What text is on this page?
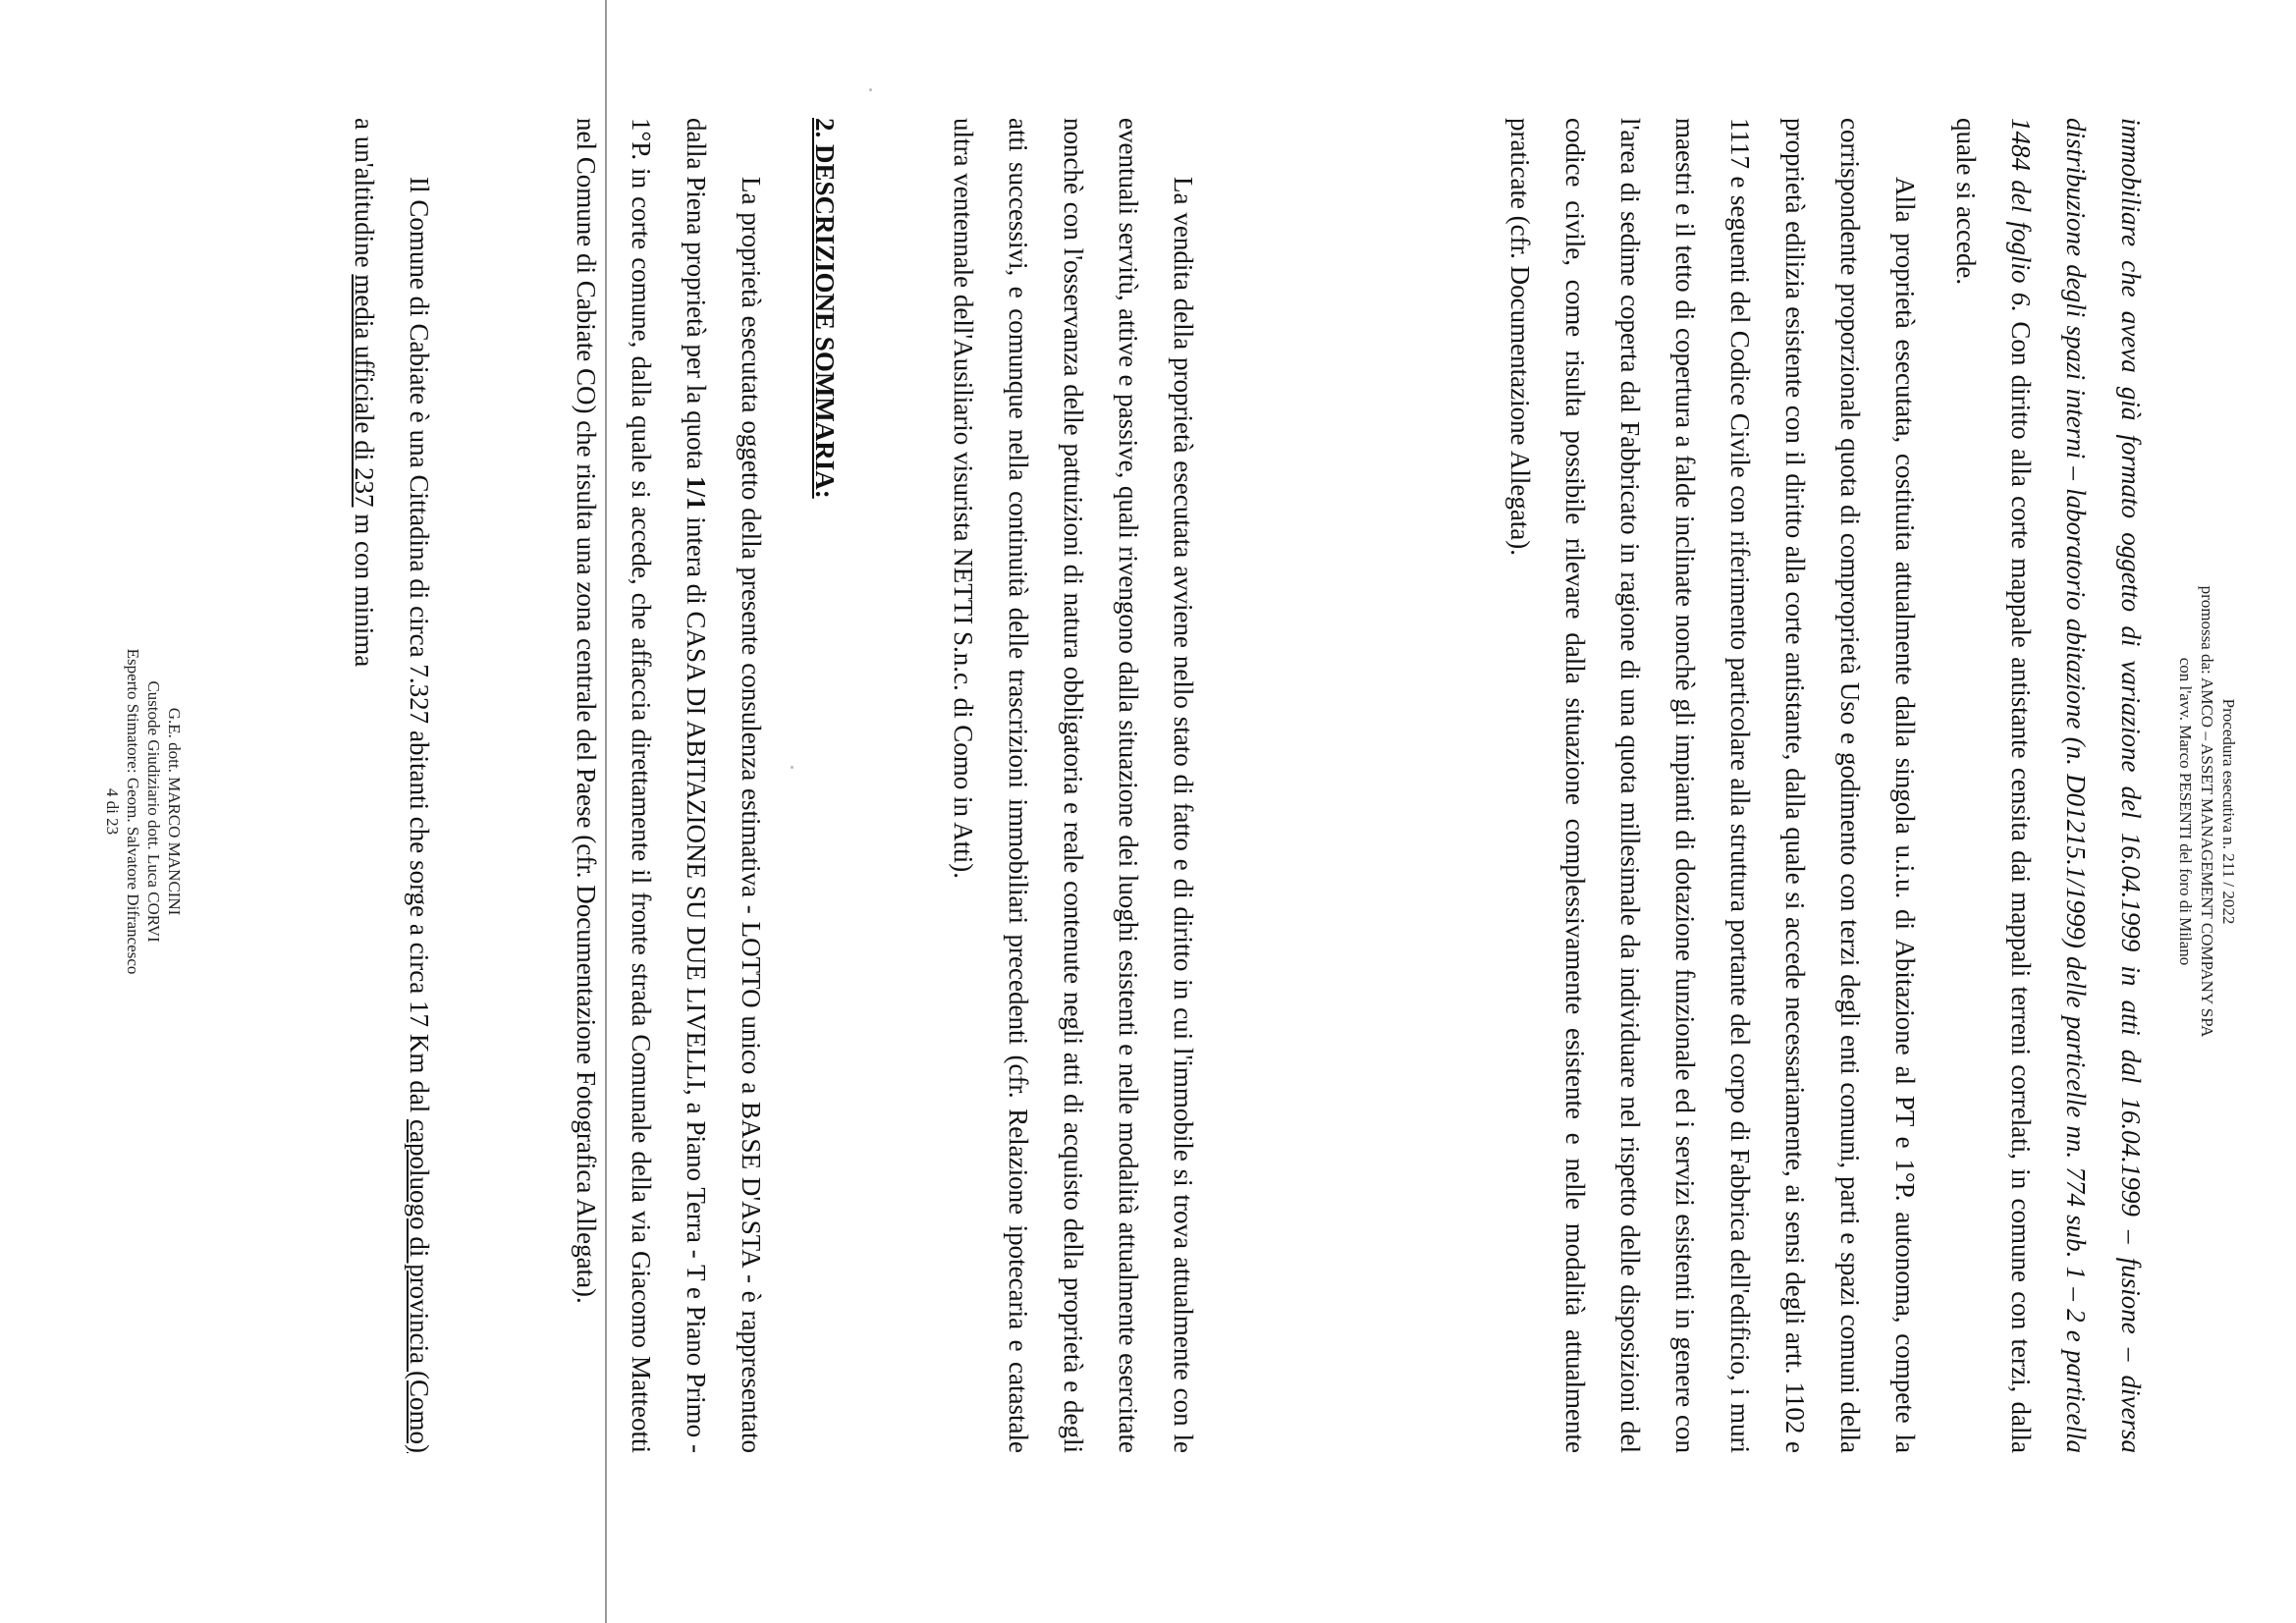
Procedura esecutiva n. 211 / 2022
promossa da: AMCO – ASSET MANAGEMENT COMPANY SPA
con l'avv. Marco PESENTI del foro di Milano
immobiliare che aveva già formato oggetto di variazione del 16.04.1999 in atti dal 16.04.1999 – fusione – diversa distribuzione degli spazi interni – laboratorio abitazione (n. D01215.1/1999) delle particelle nn. 774 sub. 1 – 2 e particella 1484 del foglio 6. Con diritto alla corte mappale antistante censita dai mappali terreni correlati, in comune con terzi, dalla quale si accede.
Alla proprietà esecutata, costituita attualmente dalla singola u.i.u. di Abitazione al PT e 1°P. autonoma, compete la corrispondente proporzionale quota di comproprietà Uso e godimento con terzi degli enti comuni, parti e spazi comuni della proprietà edilizia esistente con il diritto alla corte antistante, dalla quale si accede necessariamente, ai sensi degli artt. 1102 e 1117 e seguenti del Codice Civile con riferimento particolare alla struttura portante del corpo di Fabbrica dell'edificio, i muri maestri e il tetto di copertura a falde inclinate nonchè gli impianti di dotazione funzionale ed i servizi esistenti in genere con l'area di sedime coperta dal Fabbricato in ragione di una quota millesimale da individuare nel rispetto delle disposizioni del codice civile, come risulta possibile rilevare dalla situazione complessivamente esistente e nelle modalità attualmente praticate (cfr. Documentazione Allegata).
La vendita della proprietà esecutata avviene nello stato di fatto e di diritto in cui l'immobile si trova attualmente con le eventuali servitù, attive e passive, quali rivengono dalla situazione dei luoghi esistenti e nelle modalità attualmente esercitate nonchè con l'osservanza delle pattuizioni di natura obbligatoria e reale contenute negli atti di acquisto della proprietà e degli atti successivi, e comunque nella continuità delle trascrizioni immobiliari precedenti (cfr. Relazione ipotecaria e catastale ultra ventennale dell'Ausiliario visurista NETTI S.n.c. di Como in Atti).
2. DESCRIZIONE SOMMARIA:
La proprietà esecutata oggetto della presente consulenza estimativa - LOTTO unico a BASE D'ASTA - è rappresentato dalla Piena proprietà per la quota 1/1 intera di CASA DI ABITAZIONE SU DUE LIVELLI, a Piano Terra - T e Piano Primo - 1°P. in corte comune, dalla quale si accede, che affaccia direttamente il fronte strada Comunale della via Giacomo Matteotti nel Comune di Cabiate CO) che risulta una zona centrale del Paese (cfr. Documentazione Fotografica Allegata).
Il Comune di Cabiate è una Cittadina di circa 7.327 abitanti che sorge a circa 17 Km dal capoluogo di provincia (Como) a un'altitudine media ufficiale di 237 m con minima
G.E. dott. MARCO MANCINI
Custode Giudiziario dott. Luca CORVI
Esperto Stimatore: Geom. Salvatore Difrancesco
4 di 23
